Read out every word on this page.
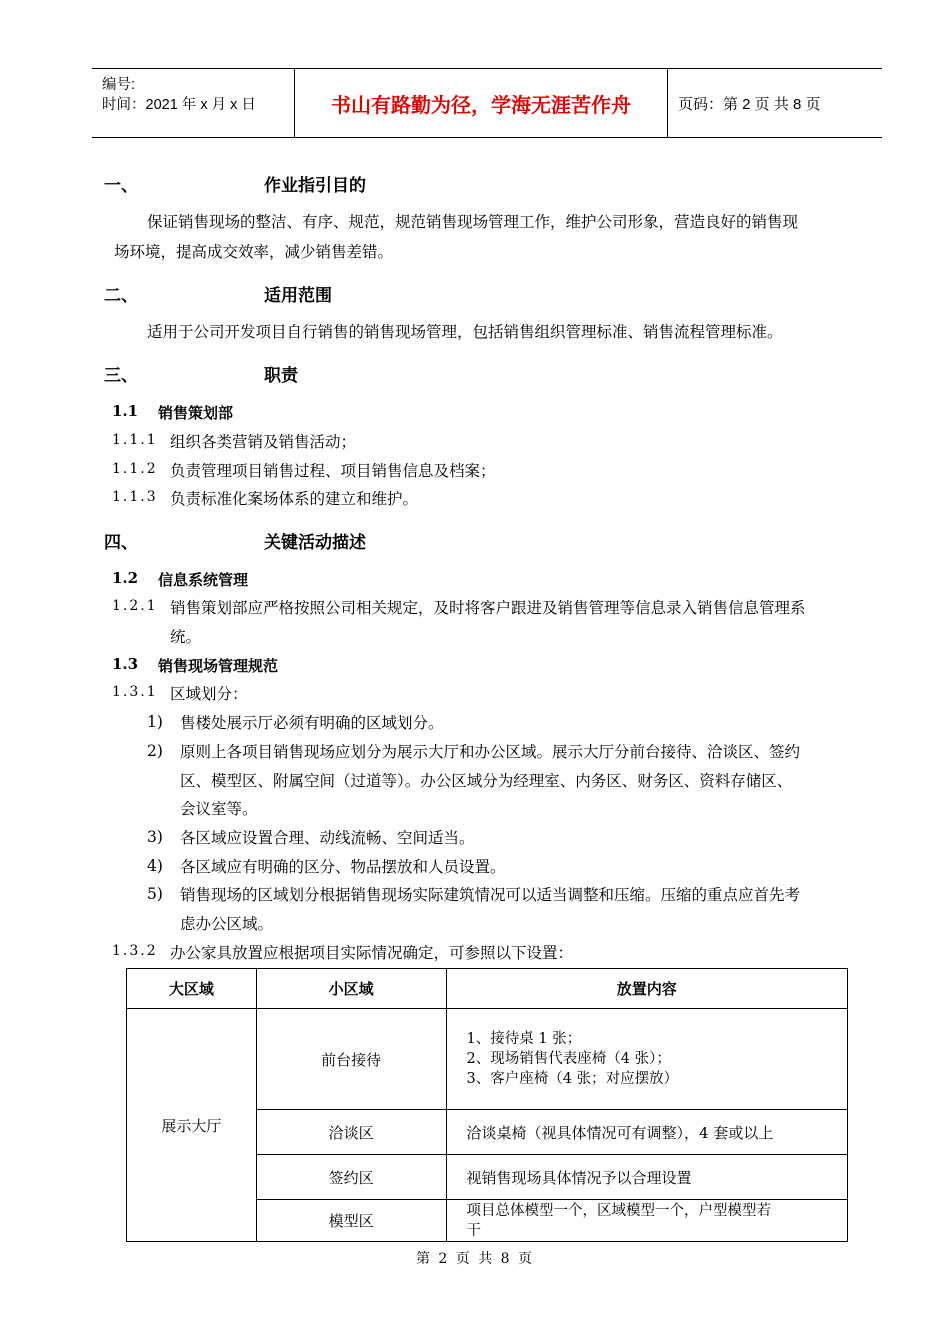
编号:
时间：2021 年 x 月 x 日	书山有路勤为径，学海无涯苦作舟	页码：第 2 页 共 8 页
一、	作业指引目的
保证销售现场的整洁、有序、规范，规范销售现场管理工作，维护公司形象，营造良好的销售现
场环境，提高成交效率，减少销售差错。
二、	适用范围
适用于公司开发项目自行销售的销售现场管理，包括销售组织管理标准、销售流程管理标准。
三、	职责
1.1 销售策划部
1.1.1 组织各类营销及销售活动；
1.1.2 负责管理项目销售过程、项目销售信息及档案；
1.1.3 负责标准化案场体系的建立和维护。
四、	关键活动描述
1.2 信息系统管理
1.2.1 销售策划部应严格按照公司相关规定，及时将客户跟进及销售管理等信息录入销售信息管理系
统。
1.3 销售现场管理规范
1.3.1 区域划分：
1) 售楼处展示厅必须有明确的区域划分。
2) 原则上各项目销售现场应划分为展示大厅和办公区域。展示大厅分前台接待、洽谈区、签约
区、模型区、附属空间（过道等）。办公区域分为经理室、内务区、财务区、资料存储区、
会议室等。
3) 各区域应设置合理、动线流畅、空间适当。
4) 各区域应有明确的区分、物品摆放和人员设置。
5) 销售现场的区域划分根据销售现场实际建筑情况可以适当调整和压缩。压缩的重点应首先考
虑办公区域。
1.3.2 办公家具放置应根据项目实际情况确定，可参照以下设置：
大区域	小区域	放置内容
展示大厅	前台接待	1、接待桌 1 张；
2、现场销售代表座椅（4 张）；
3、客户座椅（4 张；对应摆放）

	洽谈区	洽谈桌椅（视具体情况可有调整），4 套或以上
	签约区	视销售现场具体情况予以合理设置
	模型区	项目总体模型一个，区域模型一个，户型模型若
干
第 2 页 共 8 页
